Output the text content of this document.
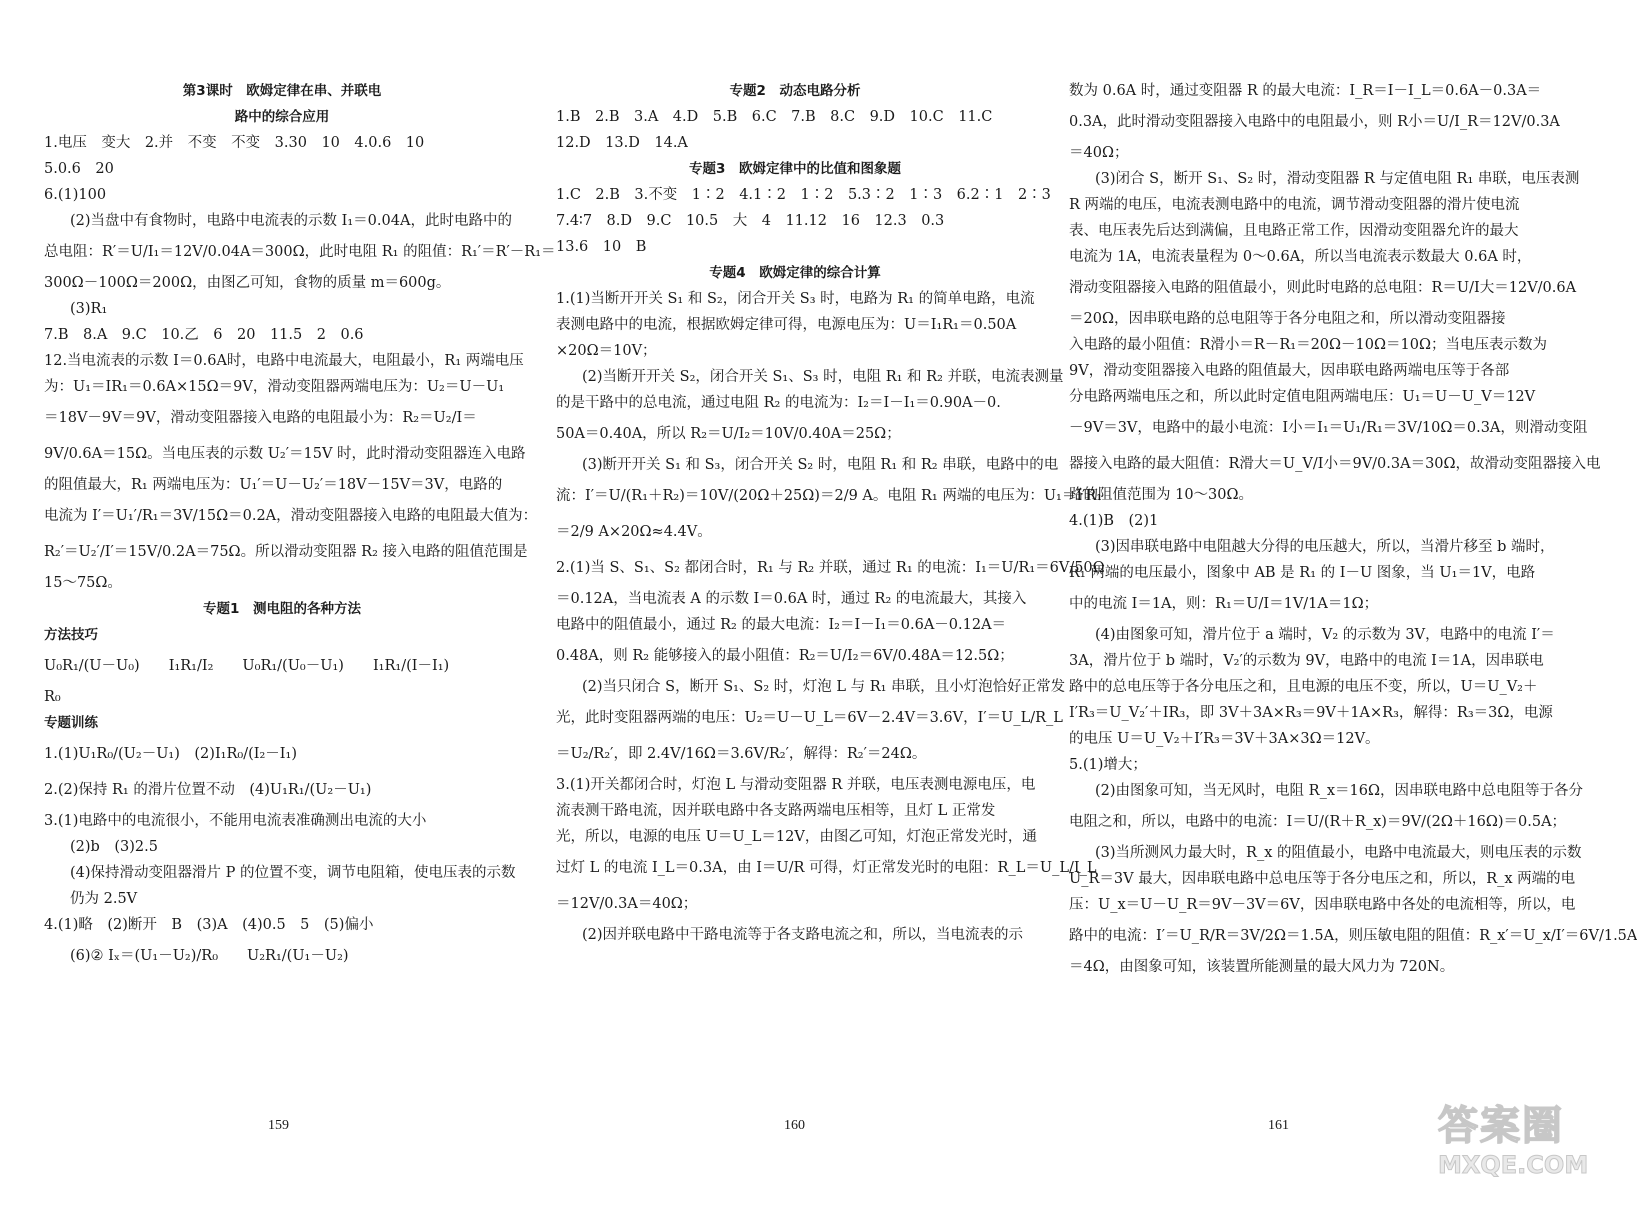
第3课时　欧姆定律在串、并联电
路中的综合应用
1.电压　变大　2.并　不变　不变　3.30　10　4.0.6　10
5.0.6　20
6.(1)100
(2)当盘中有食物时，电路中电流表的示数 I₁＝0.04A，此时电路中的
总电阻：R′＝U/I₁＝12V/0.04A＝300Ω，此时电阻 R₁ 的阻值：R₁′＝R′－R₁＝
300Ω－100Ω＝200Ω，由图乙可知，食物的质量 m＝600g。
(3)R₁
7.B　8.A　9.C　10.乙　6　20　11.5　2　0.6
12.当电流表的示数 I＝0.6A时，电路中电流最大，电阻最小，R₁ 两端电压
为：U₁＝IR₁＝0.6A×15Ω＝9V，滑动变阻器两端电压为：U₂＝U－U₁
＝18V－9V＝9V，滑动变阻器接入电路的电阻最小为：R₂＝U₂/I＝
9V/0.6A＝15Ω。当电压表的示数 U₂′＝15V 时，此时滑动变阻器连入电路
的阻值最大，R₁ 两端电压为：U₁′＝U－U₂′＝18V－15V＝3V，电路的
电流为 I′＝U₁′/R₁＝3V/15Ω＝0.2A，滑动变阻器接入电路的电阻最大值为：
R₂′＝U₂′/I′＝15V/0.2A＝75Ω。所以滑动变阻器 R₂ 接入电路的阻值范围是
15～75Ω。
专题1　测电阻的各种方法
方法技巧
U₀R₁/(U－U₀)　　I₁R₁/I₂　　U₀R₁/(U₀－U₁)　　I₁R₁/(I－I₁)
R₀
专题训练
1.(1)U₁R₀/(U₂－U₁)　(2)I₁R₀/(I₂－I₁)
2.(2)保持 R₁ 的滑片位置不动　(4)U₁R₁/(U₂－U₁)
3.(1)电路中的电流很小，不能用电流表准确测出电流的大小
(2)b　(3)2.5
(4)保持滑动变阻器滑片 P 的位置不变，调节电阻箱，使电压表的示数
仍为 2.5V
4.(1)略　(2)断开　B　(3)A　(4)0.5　5　(5)偏小
(6)② Iₓ＝(U₁－U₂)/R₀　　U₂R₁/(U₁－U₂)
专题2　动态电路分析
1.B　2.B　3.A　4.D　5.B　6.C　7.B　8.C　9.D　10.C　11.C
12.D　13.D　14.A
专题3　欧姆定律中的比值和图象题
1.C　2.B　3.不变　1∶2　4.1∶2　1∶2　5.3∶2　1∶3　6.2∶1　2∶3
7.4∶7　8.D　9.C　10.5　大　4　11.12　16　12.3　0.3
13.6　10　B
专题4　欧姆定律的综合计算
1.(1)当断开开关 S₁ 和 S₂，闭合开关 S₃ 时，电路为 R₁ 的简单电路，电流
表测电路中的电流，根据欧姆定律可得，电源电压为：U＝I₁R₁＝0.50A
×20Ω＝10V；
(2)当断开开关 S₂，闭合开关 S₁、S₃ 时，电阻 R₁ 和 R₂ 并联，电流表测量
的是干路中的总电流，通过电阻 R₂ 的电流为：I₂＝I－I₁＝0.90A－0.
50A＝0.40A，所以 R₂＝U/I₂＝10V/0.40A＝25Ω；
(3)断开开关 S₁ 和 S₃，闭合开关 S₂ 时，电阻 R₁ 和 R₂ 串联，电路中的电
流：I′＝U/(R₁＋R₂)＝10V/(20Ω＋25Ω)＝2/9 A。电阻 R₁ 两端的电压为：U₁＝I′R₁
＝2/9 A×20Ω≈4.4V。
2.(1)当 S、S₁、S₂ 都闭合时，R₁ 与 R₂ 并联，通过 R₁ 的电流：I₁＝U/R₁＝6V/50Ω
＝0.12A，当电流表 A 的示数 I＝0.6A 时，通过 R₂ 的电流最大，其接入
电路中的阻值最小，通过 R₂ 的最大电流：I₂＝I－I₁＝0.6A－0.12A＝
0.48A，则 R₂ 能够接入的最小阻值：R₂＝U/I₂＝6V/0.48A＝12.5Ω；
(2)当只闭合 S，断开 S₁、S₂ 时，灯泡 L 与 R₁ 串联，且小灯泡恰好正常发
光，此时变阻器两端的电压：U₂＝U－U_L＝6V－2.4V＝3.6V，I′＝U_L/R_L
＝U₂/R₂′，即 2.4V/16Ω＝3.6V/R₂′，解得：R₂′＝24Ω。
3.(1)开关都闭合时，灯泡 L 与滑动变阻器 R 并联，电压表测电源电压，电
流表测干路电流，因并联电路中各支路两端电压相等，且灯 L 正常发
光，所以，电源的电压 U＝U_L＝12V，由图乙可知，灯泡正常发光时，通
过灯 L 的电流 I_L＝0.3A，由 I＝U/R 可得，灯正常发光时的电阻：R_L＝U_L/I_L
＝12V/0.3A＝40Ω；
(2)因并联电路中干路电流等于各支路电流之和，所以，当电流表的示
数为 0.6A 时，通过变阻器 R 的最大电流：I_R＝I－I_L＝0.6A－0.3A＝
0.3A，此时滑动变阻器接入电路中的电阻最小，则 R小＝U/I_R＝12V/0.3A
＝40Ω；
(3)闭合 S，断开 S₁、S₂ 时，滑动变阻器 R 与定值电阻 R₁ 串联，电压表测
R 两端的电压，电流表测电路中的电流，调节滑动变阻器的滑片使电流
表、电压表先后达到满偏，且电路正常工作，因滑动变阻器允许的最大
电流为 1A，电流表量程为 0～0.6A，所以当电流表示数最大 0.6A 时，
滑动变阻器接入电路的阻值最小，则此时电路的总电阻：R＝U/I大＝12V/0.6A
＝20Ω，因串联电路的总电阻等于各分电阻之和，所以滑动变阻器接
入电路的最小阻值：R滑小＝R－R₁＝20Ω－10Ω＝10Ω；当电压表示数为
9V，滑动变阻器接入电路的阻值最大，因串联电路两端电压等于各部
分电路两端电压之和，所以此时定值电阻两端电压：U₁＝U－U_V＝12V
－9V＝3V，电路中的最小电流：I小＝I₁＝U₁/R₁＝3V/10Ω＝0.3A，则滑动变阻
器接入电路的最大阻值：R滑大＝U_V/I小＝9V/0.3A＝30Ω，故滑动变阻器接入电
路的阻值范围为 10～30Ω。
4.(1)B　(2)1
(3)因串联电路中电阻越大分得的电压越大，所以，当滑片移至 b 端时，
R₁ 两端的电压最小，图象中 AB 是 R₁ 的 I－U 图象，当 U₁＝1V，电路
中的电流 I＝1A，则：R₁＝U/I＝1V/1A＝1Ω；
(4)由图象可知，滑片位于 a 端时，V₂ 的示数为 3V，电路中的电流 I′＝
3A，滑片位于 b 端时，V₂′的示数为 9V，电路中的电流 I＝1A，因串联电
路中的总电压等于各分电压之和，且电源的电压不变，所以，U＝U_V₂＋
I′R₃＝U_V₂′＋IR₃，即 3V＋3A×R₃＝9V＋1A×R₃，解得：R₃＝3Ω，电源
的电压 U＝U_V₂＋I′R₃＝3V＋3A×3Ω＝12V。
5.(1)增大；
(2)由图象可知，当无风时，电阻 R_x＝16Ω，因串联电路中总电阻等于各分
电阻之和，所以，电路中的电流：I＝U/(R＋R_x)＝9V/(2Ω＋16Ω)＝0.5A；
(3)当所测风力最大时，R_x 的阻值最小，电路中电流最大，则电压表的示数
U_R＝3V 最大，因串联电路中总电压等于各分电压之和，所以，R_x 两端的电
压：U_x＝U－U_R＝9V－3V＝6V，因串联电路中各处的电流相等，所以，电
路中的电流：I′＝U_R/R＝3V/2Ω＝1.5A，则压敏电阻的阻值：R_x′＝U_x/I′＝6V/1.5A
＝4Ω，由图象可知，该装置所能测量的最大风力为 720N。
159	160	161	答案圈
MXQE.COM
